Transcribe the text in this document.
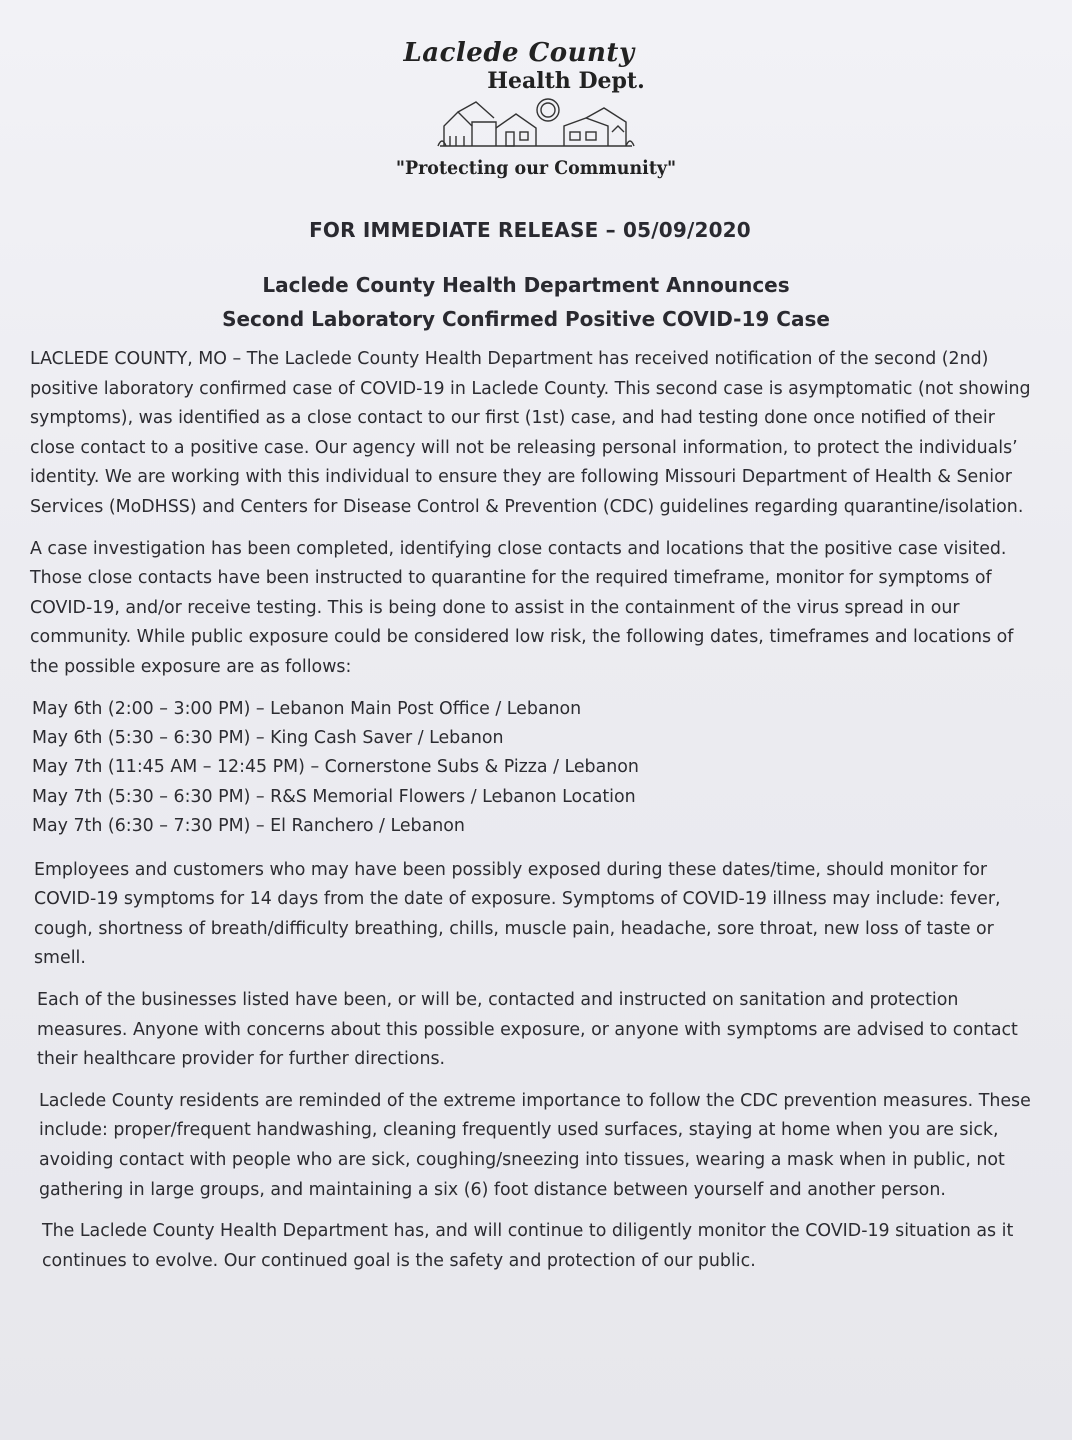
Laclede County
Health Dept.
"Protecting our Community"
FOR IMMEDIATE RELEASE – 05/09/2020
Laclede County Health Department Announces
Second Laboratory Confirmed Positive COVID-19 Case

LACLEDE COUNTY, MO – The Laclede County Health Department has received notification of the second (2nd) positive laboratory confirmed case of COVID-19 in Laclede County. This second case is asymptomatic (not showing symptoms), was identified as a close contact to our first (1st) case, and had testing done once notified of their close contact to a positive case. Our agency will not be releasing personal information, to protect the individuals’ identity. We are working with this individual to ensure they are following Missouri Department of Health & Senior Services (MoDHSS) and Centers for Disease Control & Prevention (CDC) guidelines regarding quarantine/isolation.

A case investigation has been completed, identifying close contacts and locations that the positive case visited. Those close contacts have been instructed to quarantine for the required timeframe, monitor for symptoms of COVID-19, and/or receive testing. This is being done to assist in the containment of the virus spread in our community. While public exposure could be considered low risk, the following dates, timeframes and locations of the possible exposure are as follows:

May 6th (2:00 – 3:00 PM) – Lebanon Main Post Office / Lebanon
May 6th (5:30 – 6:30 PM) – King Cash Saver / Lebanon
May 7th (11:45 AM – 12:45 PM) – Cornerstone Subs & Pizza / Lebanon
May 7th (5:30 – 6:30 PM) – R&S Memorial Flowers / Lebanon Location
May 7th (6:30 – 7:30 PM) – El Ranchero / Lebanon

Employees and customers who may have been possibly exposed during these dates/time, should monitor for COVID-19 symptoms for 14 days from the date of exposure. Symptoms of COVID-19 illness may include: fever, cough, shortness of breath/difficulty breathing, chills, muscle pain, headache, sore throat, new loss of taste or smell.

Each of the businesses listed have been, or will be, contacted and instructed on sanitation and protection measures. Anyone with concerns about this possible exposure, or anyone with symptoms are advised to contact their healthcare provider for further directions.

Laclede County residents are reminded of the extreme importance to follow the CDC prevention measures. These include: proper/frequent handwashing, cleaning frequently used surfaces, staying at home when you are sick, avoiding contact with people who are sick, coughing/sneezing into tissues, wearing a mask when in public, not gathering in large groups, and maintaining a six (6) foot distance between yourself and another person.

The Laclede County Health Department has, and will continue to diligently monitor the COVID-19 situation as it continues to evolve. Our continued goal is the safety and protection of our public.
